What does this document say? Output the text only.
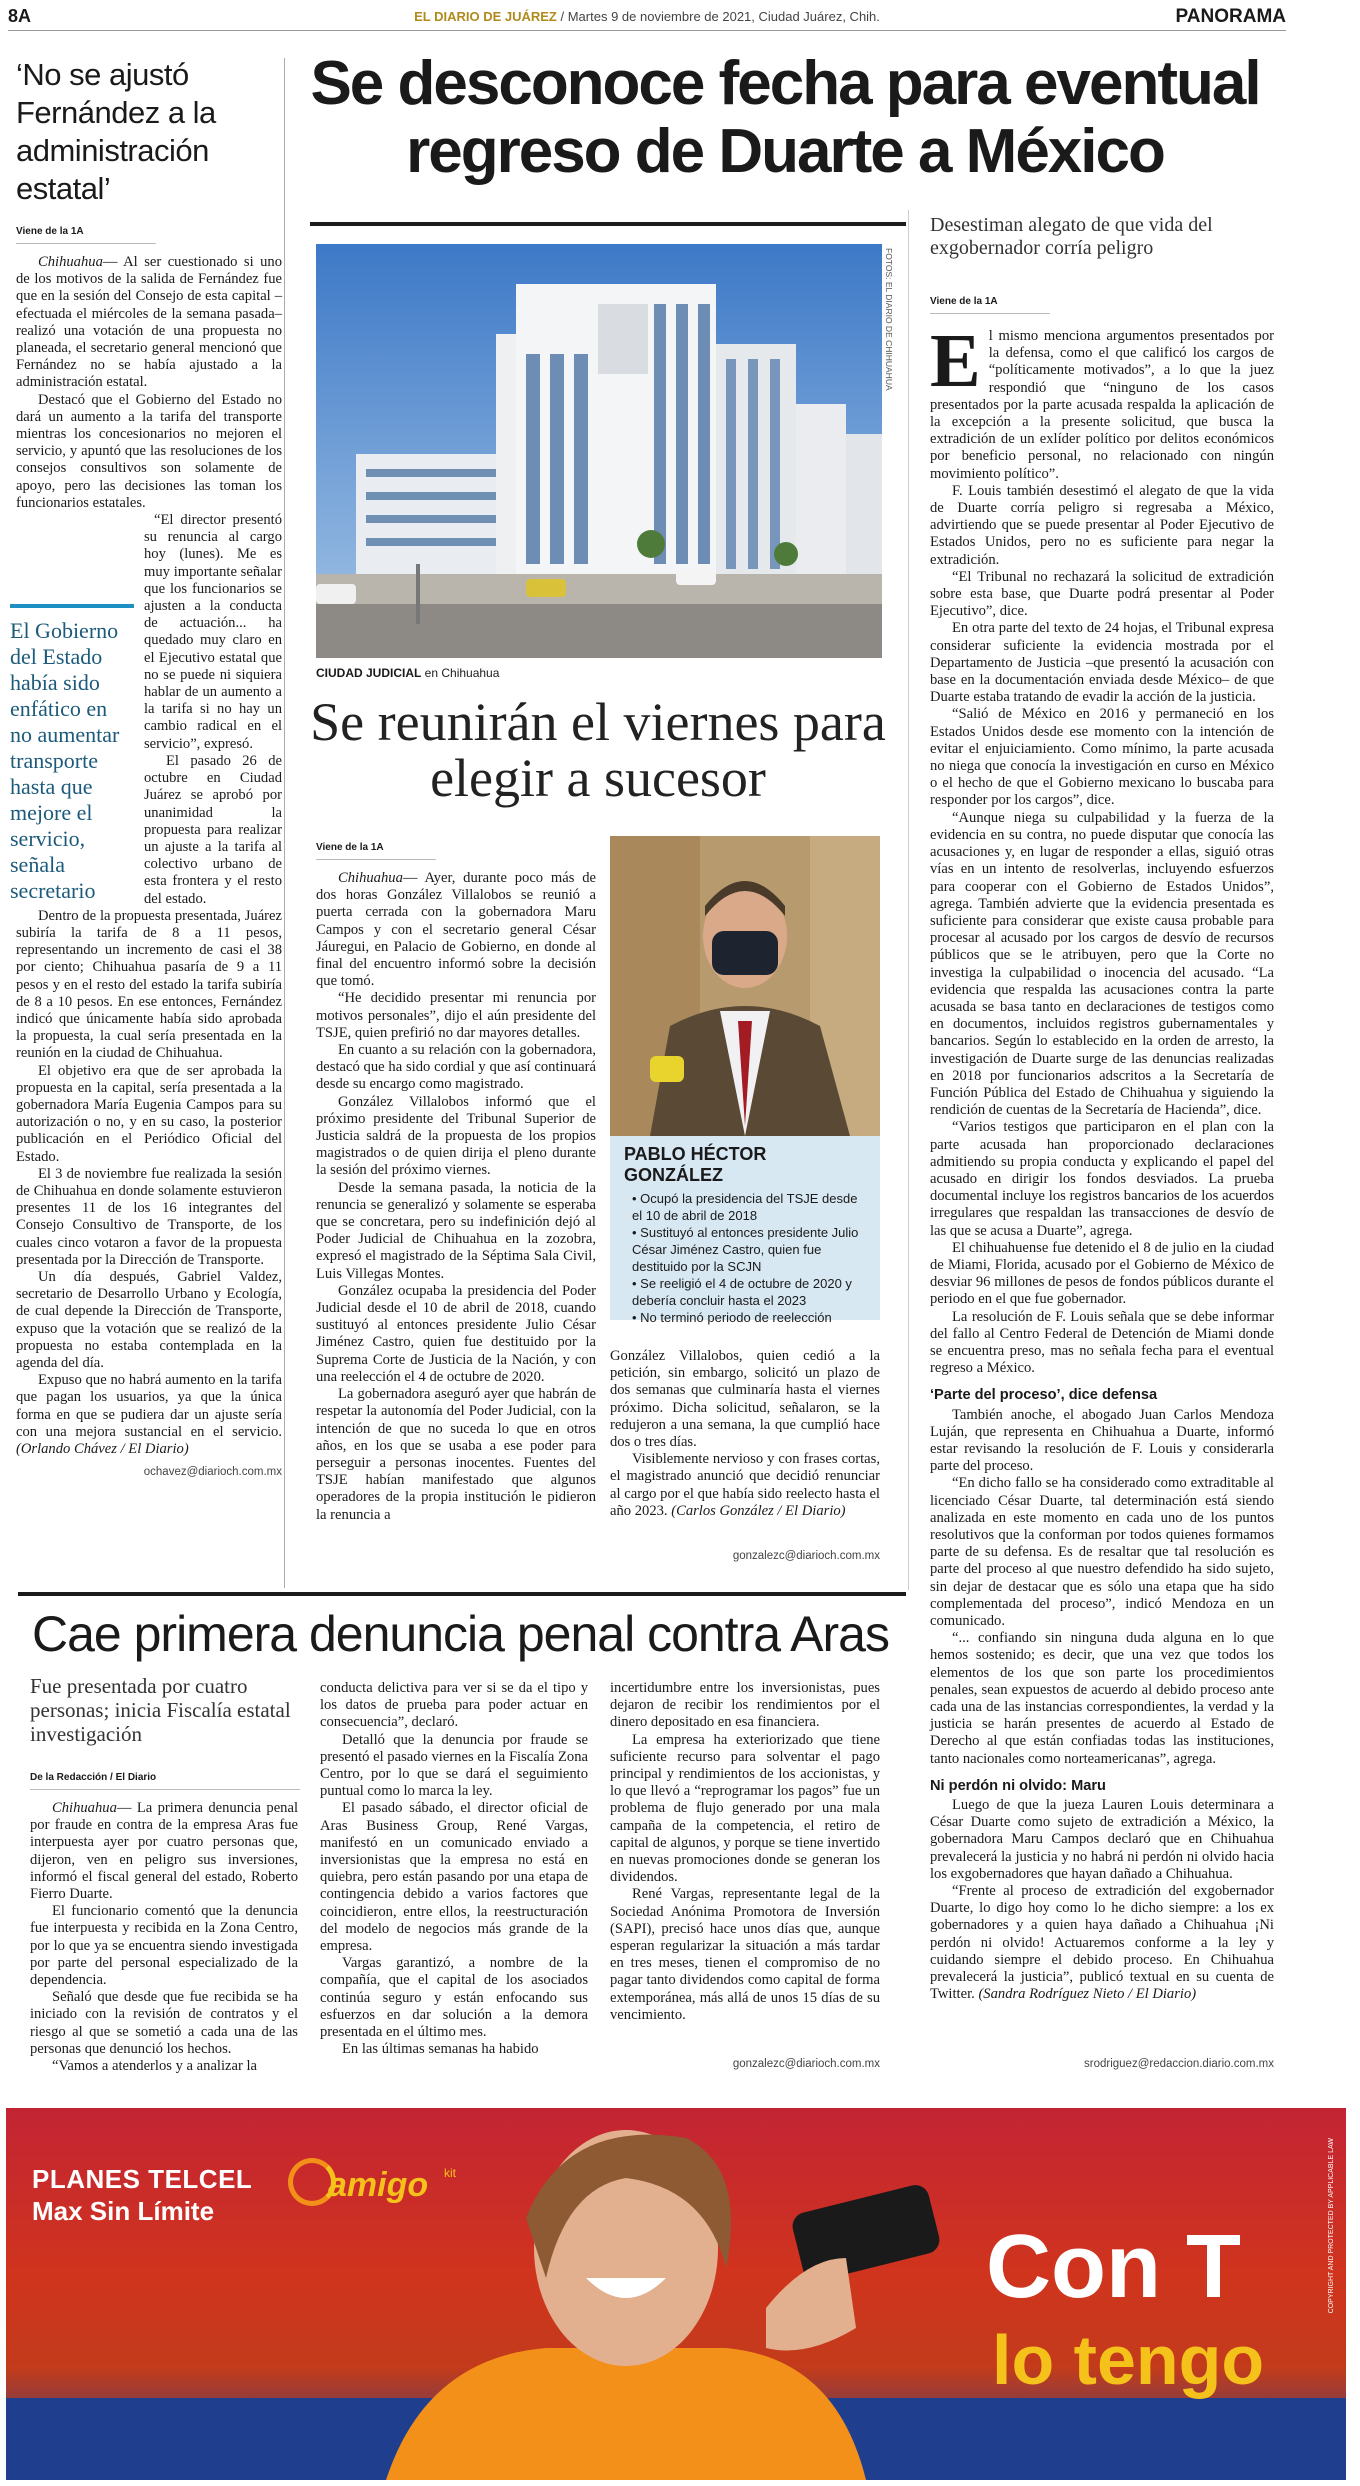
8A	EL DIARIO DE JUÁREZ / Martes 9 de noviembre de 2021, Ciudad Juárez, Chih.	PANORAMA
‘No se ajustó Fernández a la administración estatal’
Viene de la 1A

Chihuahua— Al ser cuestionado si uno de los motivos de la salida de Fernández fue que en la sesión del Consejo de esta capital –efectuada el miércoles de la semana pasada– realizó una votación de una propuesta no planeada, el secretario general mencionó que Fernández no se había ajustado a la administración estatal.

Destacó que el Gobierno del Estado no dará un aumento a la tarifa del transporte mientras los concesionarios no mejoren el servicio, y apuntó que las resoluciones de los consejos consultivos son solamente de apoyo, pero las decisiones las toman los funcionarios estatales.

“El director presentó su renuncia al cargo hoy (lunes). Me es muy importante señalar que los funcionarios se ajusten a la conducta de actuación... ha quedado muy claro en el Ejecutivo estatal que no se puede ni siquiera hablar de un aumento a la tarifa si no hay un cambio radical en el servicio”, expresó.

El pasado 26 de octubre en Ciudad Juárez se aprobó por unanimidad la propuesta para realizar un ajuste a la tarifa al colectivo urbano de esta frontera y el resto del estado.

Dentro de la propuesta presentada, Juárez subiría la tarifa de 8 a 11 pesos, representando un incremento de casi el 38 por ciento; Chihuahua pasaría de 9 a 11 pesos y en el resto del estado la tarifa subiría de 8 a 10 pesos. En ese entonces, Fernández indicó que únicamente había sido aprobada la propuesta, la cual sería presentada en la reunión en la ciudad de Chihuahua.

El objetivo era que de ser aprobada la propuesta en la capital, sería presentada a la gobernadora María Eugenia Campos para su autorización o no, y en su caso, la posterior publicación en el Periódico Oficial del Estado.

El 3 de noviembre fue realizada la sesión de Chihuahua en donde solamente estuvieron presentes 11 de los 16 integrantes del Consejo Consultivo de Transporte, de los cuales cinco votaron a favor de la propuesta presentada por la Dirección de Transporte.

Un día después, Gabriel Valdez, secretario de Desarrollo Urbano y Ecología, de cual depende la Dirección de Transporte, expuso que la votación que se realizó de la propuesta no estaba contemplada en la agenda del día.

Expuso que no habrá aumento en la tarifa que pagan los usuarios, ya que la única forma en que se pudiera dar un ajuste sería con una mejora sustancial en el servicio. (Orlando Chávez / El Diario)

ochavez@diarioch.com.mx
El Gobierno del Estado había sido enfático en no aumentar transporte hasta que mejore el servicio, señala secretario
Se desconoce fecha para eventual regreso de Duarte a México
FOTOS: EL DIARIO DE CHIHUAHUA
CIUDAD JUDICIAL en Chihuahua
Se reunirán el viernes para elegir a sucesor
Viene de la 1A

Chihuahua— Ayer, durante poco más de dos horas González Villalobos se reunió a puerta cerrada con la gobernadora Maru Campos y con el secretario general César Jáuregui, en Palacio de Gobierno, en donde al final del encuentro informó sobre la decisión que tomó.

“He decidido presentar mi renuncia por motivos personales”, dijo el aún presidente del TSJE, quien prefirió no dar mayores detalles.

En cuanto a su relación con la gobernadora, destacó que ha sido cordial y que así continuará desde su encargo como magistrado.

González Villalobos informó que el próximo presidente del Tribunal Superior de Justicia saldrá de la propuesta de los propios magistrados o de quien dirija el pleno durante la sesión del próximo viernes.

Desde la semana pasada, la noticia de la renuncia se generalizó y solamente se esperaba que se concretara, pero su indefinición dejó al Poder Judicial de Chihuahua en la zozobra, expresó el magistrado de la Séptima Sala Civil, Luis Villegas Montes.

González ocupaba la presidencia del Poder Judicial desde el 10 de abril de 2018, cuando sustituyó al entonces presidente Julio César Jiménez Castro, quien fue destituido por la Suprema Corte de Justicia de la Nación, y con una reelección el 4 de octubre de 2020.

La gobernadora aseguró ayer que habrán de respetar la autonomía del Poder Judicial, con la intención de que no suceda lo que en otros años, en los que se usaba a ese poder para perseguir a personas inocentes. Fuentes del TSJE habían manifestado que algunos operadores de la propia institución le pidieron la renuncia a

PABLO HÉCTOR GONZÁLEZ
• Ocupó la presidencia del TSJE desde el 10 de abril de 2018
• Sustituyó al entonces presidente Julio César Jiménez Castro, quien fue destituido por la SCJN
• Se reeligió el 4 de octubre de 2020 y debería concluir hasta el 2023
• No terminó periodo de reelección

González Villalobos, quien cedió a la petición, sin embargo, solicitó un plazo de dos semanas que culminaría hasta el viernes próximo. Dicha solicitud, señalaron, se la redujeron a una semana, la que cumplió hace dos o tres días.

Visiblemente nervioso y con frases cortas, el magistrado anunció que decidió renunciar al cargo por el que había sido reelecto hasta el año 2023. (Carlos González / El Diario)

gonzalezc@diarioch.com.mx
Desestiman alegato de que vida del exgobernador corría peligro
Viene de la 1A

El mismo menciona argumentos presentados por la defensa, como el que calificó los cargos de “políticamente motivados”, a lo que la juez respondió que “ninguno de los casos presentados por la parte acusada respalda la aplicación de la excepción a la presente solicitud, que busca la extradición de un exlíder político por delitos económicos por beneficio personal, no relacionado con ningún movimiento político”.

F. Louis también desestimó el alegato de que la vida de Duarte corría peligro si regresaba a México, advirtiendo que se puede presentar al Poder Ejecutivo de Estados Unidos, pero no es suficiente para negar la extradición.

“El Tribunal no rechazará la solicitud de extradición sobre esta base, que Duarte podrá presentar al Poder Ejecutivo”, dice.

En otra parte del texto de 24 hojas, el Tribunal expresa considerar suficiente la evidencia mostrada por el Departamento de Justicia –que presentó la acusación con base en la documentación enviada desde México– de que Duarte estaba tratando de evadir la acción de la justicia.

“Salió de México en 2016 y permaneció en los Estados Unidos desde ese momento con la intención de evitar el enjuiciamiento. Como mínimo, la parte acusada no niega que conocía la investigación en curso en México o el hecho de que el Gobierno mexicano lo buscaba para responder por los cargos”, dice.

“Aunque niega su culpabilidad y la fuerza de la evidencia en su contra, no puede disputar que conocía las acusaciones y, en lugar de responder a ellas, siguió otras vías en un intento de resolverlas, incluyendo esfuerzos para cooperar con el Gobierno de Estados Unidos”, agrega. También advierte que la evidencia presentada es suficiente para considerar que existe causa probable para procesar al acusado por los cargos de desvío de recursos públicos que se le atribuyen, pero que la Corte no investiga la culpabilidad o inocencia del acusado. “La evidencia que respalda las acusaciones contra la parte acusada se basa tanto en declaraciones de testigos como en documentos, incluidos registros gubernamentales y bancarios. Según lo establecido en la orden de arresto, la investigación de Duarte surge de las denuncias realizadas en 2018 por funcionarios adscritos a la Secretaría de Función Pública del Estado de Chihuahua y siguiendo la rendición de cuentas de la Secretaría de Hacienda”, dice.

“Varios testigos que participaron en el plan con la parte acusada han proporcionado declaraciones admitiendo su propia conducta y explicando el papel del acusado en dirigir los fondos desviados. La prueba documental incluye los registros bancarios de los acuerdos irregulares que respaldan las transacciones de desvío de las que se acusa a Duarte”, agrega.

El chihuahuense fue detenido el 8 de julio en la ciudad de Miami, Florida, acusado por el Gobierno de México de desviar 96 millones de pesos de fondos públicos durante el periodo en el que fue gobernador.

La resolución de F. Louis señala que se debe informar del fallo al Centro Federal de Detención de Miami donde se encuentra preso, mas no señala fecha para el eventual regreso a México.

‘Parte del proceso’, dice defensa

También anoche, el abogado Juan Carlos Mendoza Luján, que representa en Chihuahua a Duarte, informó estar revisando la resolución de F. Louis y considerarla parte del proceso.

“En dicho fallo se ha considerado como extraditable al licenciado César Duarte, tal determinación está siendo analizada en este momento en cada uno de los puntos resolutivos que la conforman por todos quienes formamos parte de su defensa. Es de resaltar que tal resolución es parte del proceso al que nuestro defendido ha sido sujeto, sin dejar de destacar que es sólo una etapa que ha sido complementada del proceso”, indicó Mendoza en un comunicado.

“... confiando sin ninguna duda alguna en lo que hemos sostenido; es decir, que una vez que todos los elementos de los que son parte los procedimientos penales, sean expuestos de acuerdo al debido proceso ante cada una de las instancias correspondientes, la verdad y la justicia se harán presentes de acuerdo al Estado de Derecho al que están confiadas todas las instituciones, tanto nacionales como norteamericanas”, agrega.

Ni perdón ni olvido: Maru

Luego de que la jueza Lauren Louis determinara a César Duarte como sujeto de extradición a México, la gobernadora Maru Campos declaró que en Chihuahua prevalecerá la justicia y no habrá ni perdón ni olvido hacia los exgobernadores que hayan dañado a Chihuahua.

“Frente al proceso de extradición del exgobernador Duarte, lo digo hoy como lo he dicho siempre: a los ex gobernadores y a quien haya dañado a Chihuahua ¡Ni perdón ni olvido! Actuaremos conforme a la ley y cuidando siempre el debido proceso. En Chihuahua prevalecerá la justicia”, publicó textual en su cuenta de Twitter. (Sandra Rodríguez Nieto / El Diario)

srodriguez@redaccion.diario.com.mx
Cae primera denuncia penal contra Aras
Fue presentada por cuatro personas; inicia Fiscalía estatal investigación
De la Redacción / El Diario

Chihuahua— La primera denuncia penal por fraude en contra de la empresa Aras fue interpuesta ayer por cuatro personas que, dijeron, ven en peligro sus inversiones, informó el fiscal general del estado, Roberto Fierro Duarte.

El funcionario comentó que la denuncia fue interpuesta y recibida en la Zona Centro, por lo que ya se encuentra siendo investigada por parte del personal especializado de la dependencia.

Señaló que desde que fue recibida se ha iniciado con la revisión de contratos y el riesgo al que se sometió a cada una de las personas que denunció los hechos.

“Vamos a atenderlos y a analizar la

conducta delictiva para ver si se da el tipo y los datos de prueba para poder actuar en consecuencia”, declaró.

Detalló que la denuncia por fraude se presentó el pasado viernes en la Fiscalía Zona Centro, por lo que se dará el seguimiento puntual como lo marca la ley.

El pasado sábado, el director oficial de Aras Business Group, René Vargas, manifestó en un comunicado enviado a inversionistas que la empresa no está en quiebra, pero están pasando por una etapa de contingencia debido a varios factores que coincidieron, entre ellos, la reestructuración del modelo de negocios más grande de la empresa.

Vargas garantizó, a nombre de la compañía, que el capital de los asociados continúa seguro y están enfocando sus esfuerzos en dar solución a la demora presentada en el último mes.

En las últimas semanas ha habido

incertidumbre entre los inversionistas, pues dejaron de recibir los rendimientos por el dinero depositado en esa financiera.

La empresa ha exteriorizado que tiene suficiente recurso para solventar el pago principal y rendimientos de los accionistas, y lo que llevó a “reprogramar los pagos” fue un problema de flujo generado por una mala campaña de la competencia, el retiro de capital de algunos, y porque se tiene invertido en nuevas promociones donde se generan los dividendos.

René Vargas, representante legal de la Sociedad Anónima Promotora de Inversión (SAPI), precisó hace unos días que, aunque esperan regularizar la situación a más tardar en tres meses, tienen el compromiso de no pagar tanto dividendos como capital de forma extemporánea, más allá de unos 15 días de su vencimiento.

gonzalezc@diarioch.com.mx
PLANES TELCEL
Max Sin Límite
amigo kit
Con T
lo tengo
COPYRIGHT AND PROTECTED BY APPLICABLE LAW
